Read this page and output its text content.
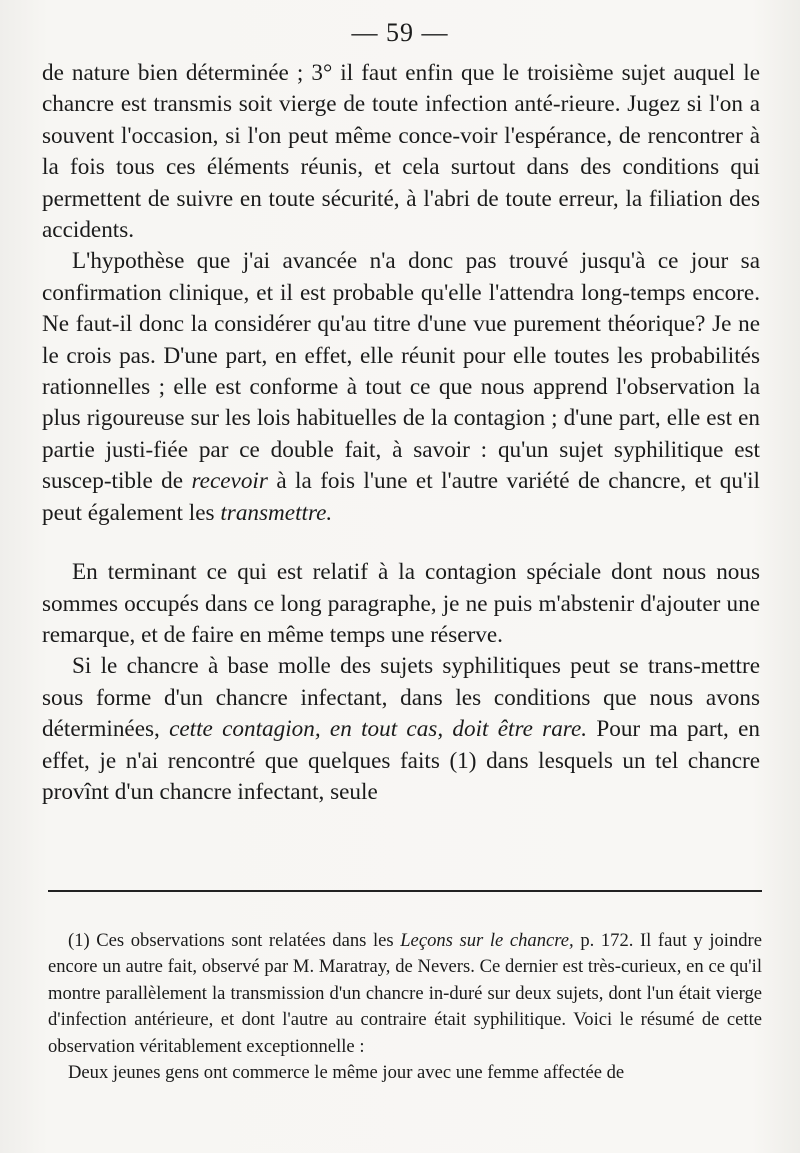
— 59 —

de nature bien déterminée ; 3° il faut enfin que le troisième sujet auquel le chancre est transmis soit vierge de toute infection anté-rieure. Jugez si l'on a souvent l'occasion, si l'on peut même conce-voir l'espérance, de rencontrer à la fois tous ces éléments réunis, et cela surtout dans des conditions qui permettent de suivre en toute sécurité, à l'abri de toute erreur, la filiation des accidents.

L'hypothèse que j'ai avancée n'a donc pas trouvé jusqu'à ce jour sa confirmation clinique, et il est probable qu'elle l'attendra long-temps encore. Ne faut-il donc la considérer qu'au titre d'une vue purement théorique? Je ne le crois pas. D'une part, en effet, elle réunit pour elle toutes les probabilités rationnelles ; elle est conforme à tout ce que nous apprend l'observation la plus rigoureuse sur les lois habituelles de la contagion ; d'une part, elle est en partie justi-fiée par ce double fait, à savoir : qu'un sujet syphilitique est suscep-tible de recevoir à la fois l'une et l'autre variété de chancre, et qu'il peut également les transmettre.

En terminant ce qui est relatif à la contagion spéciale dont nous nous sommes occupés dans ce long paragraphe, je ne puis m'abstenir d'ajouter une remarque, et de faire en même temps une réserve.

Si le chancre à base molle des sujets syphilitiques peut se trans-mettre sous forme d'un chancre infectant, dans les conditions que nous avons déterminées, cette contagion, en tout cas, doit être rare. Pour ma part, en effet, je n'ai rencontré que quelques faits (1) dans lesquels un tel chancre provînt d'un chancre infectant, seule

(1) Ces observations sont relatées dans les Leçons sur le chancre, p. 172. Il faut y joindre encore un autre fait, observé par M. Maratray, de Nevers. Ce dernier est très-curieux, en ce qu'il montre parallèlement la transmission d'un chancre in-duré sur deux sujets, dont l'un était vierge d'infection antérieure, et dont l'autre au contraire était syphilitique. Voici le résumé de cette observation véritablement exceptionnelle :

Deux jeunes gens ont commerce le même jour avec une femme affectée de
